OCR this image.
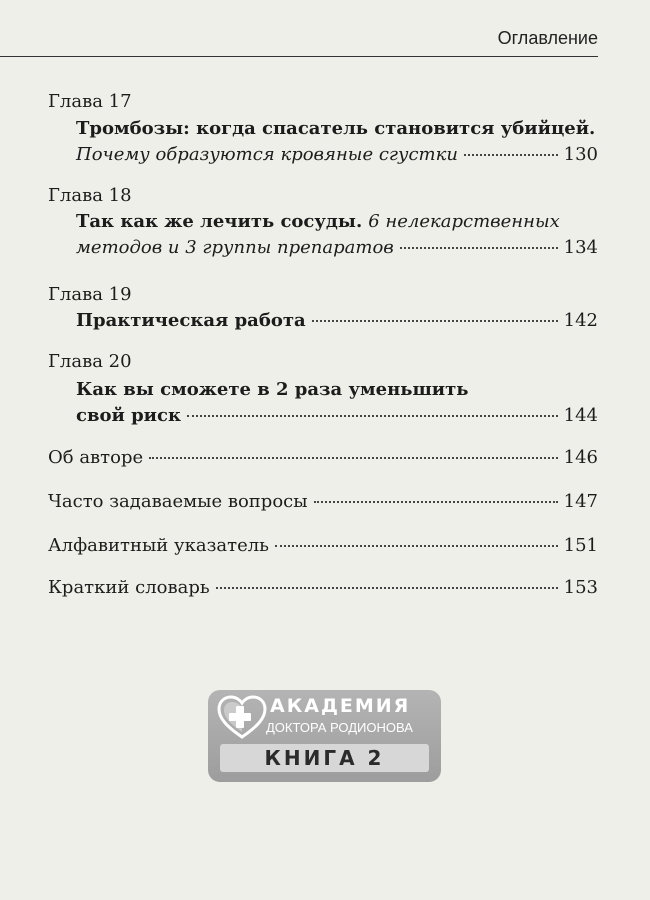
Оглавление
Глава 17
Тромбозы: когда спасатель становится убийцей.
Почему образуются кровяные сгустки	130
Глава 18
Так как же лечить сосуды. 6 нелекарственных
методов и 3 группы препаратов	134
Глава 19
Практическая работа	142
Глава 20
Как вы сможете в 2 раза уменьшить
свой риск	144
Об авторе	146
Часто задаваемые вопросы	147
Алфавитный указатель	151
Краткий словарь	153
АКАДЕМИЯ
ДОКТОРА РОДИОНОВА
КНИГА 2
